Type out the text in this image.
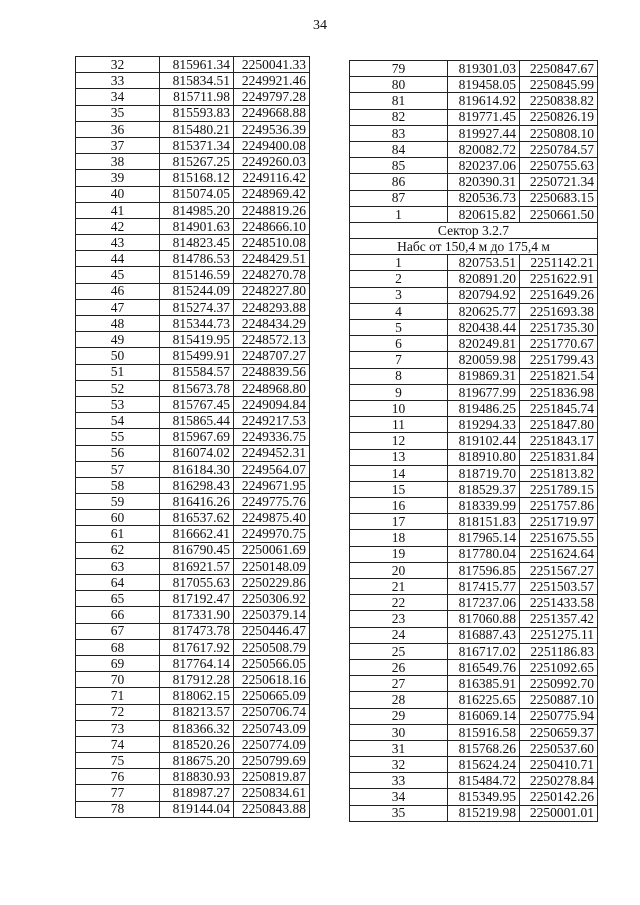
34
32	815961.34	2250041.33
33	815834.51	2249921.46
34	815711.98	2249797.28
35	815593.83	2249668.88
36	815480.21	2249536.39
37	815371.34	2249400.08
38	815267.25	2249260.03
39	815168.12	2249116.42
40	815074.05	2248969.42
41	814985.20	2248819.26
42	814901.63	2248666.10
43	814823.45	2248510.08
44	814786.53	2248429.51
45	815146.59	2248270.78
46	815244.09	2248227.80
47	815274.37	2248293.88
48	815344.73	2248434.29
49	815419.95	2248572.13
50	815499.91	2248707.27
51	815584.57	2248839.56
52	815673.78	2248968.80
53	815767.45	2249094.84
54	815865.44	2249217.53
55	815967.69	2249336.75
56	816074.02	2249452.31
57	816184.30	2249564.07
58	816298.43	2249671.95
59	816416.26	2249775.76
60	816537.62	2249875.40
61	816662.41	2249970.75
62	816790.45	2250061.69
63	816921.57	2250148.09
64	817055.63	2250229.86
65	817192.47	2250306.92
66	817331.90	2250379.14
67	817473.78	2250446.47
68	817617.92	2250508.79
69	817764.14	2250566.05
70	817912.28	2250618.16
71	818062.15	2250665.09
72	818213.57	2250706.74
73	818366.32	2250743.09
74	818520.26	2250774.09
75	818675.20	2250799.69
76	818830.93	2250819.87
77	818987.27	2250834.61
78	819144.04	2250843.88
79	819301.03	2250847.67
80	819458.05	2250845.99
81	819614.92	2250838.82
82	819771.45	2250826.19
83	819927.44	2250808.10
84	820082.72	2250784.57
85	820237.06	2250755.63
86	820390.31	2250721.34
87	820536.73	2250683.15
1	820615.82	2250661.50
Сектор 3.2.7		
Набс от 150,4 м до 175,4 м		
1	820753.51	2251142.21
2	820891.20	2251622.91
3	820794.92	2251649.26
4	820625.77	2251693.38
5	820438.44	2251735.30
6	820249.81	2251770.67
7	820059.98	2251799.43
8	819869.31	2251821.54
9	819677.99	2251836.98
10	819486.25	2251845.74
11	819294.33	2251847.80
12	819102.44	2251843.17
13	818910.80	2251831.84
14	818719.70	2251813.82
15	818529.37	2251789.15
16	818339.99	2251757.86
17	818151.83	2251719.97
18	817965.14	2251675.55
19	817780.04	2251624.64
20	817596.85	2251567.27
21	817415.77	2251503.57
22	817237.06	2251433.58
23	817060.88	2251357.42
24	816887.43	2251275.11
25	816717.02	2251186.83
26	816549.76	2251092.65
27	816385.91	2250992.70
28	816225.65	2250887.10
29	816069.14	2250775.94
30	815916.58	2250659.37
31	815768.26	2250537.60
32	815624.24	2250410.71
33	815484.72	2250278.84
34	815349.95	2250142.26
35	815219.98	2250001.01
